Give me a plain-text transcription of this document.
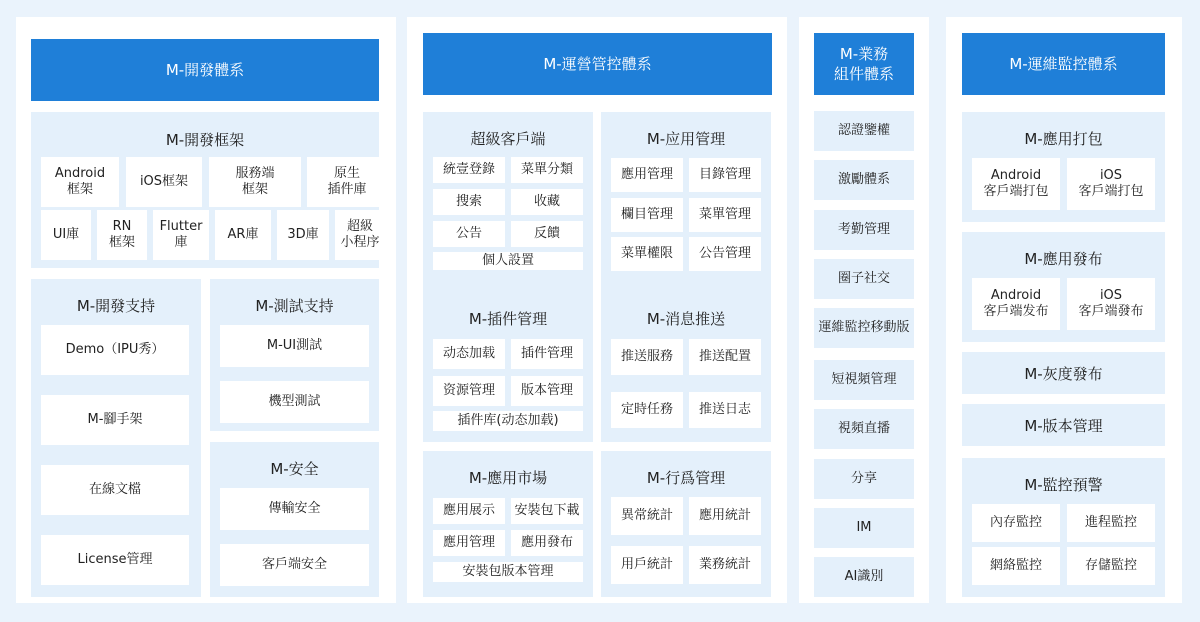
M-開發體系
M-開發框架
Android
框架
iOS框架
服務端
框架
原生
插件庫
UI庫
RN
框架
Flutter
庫
AR庫	3D庫
超級
小程序
M-開發支持
Demo（IPU秀）
M-腳手架
在線文檔
License管理
M-測試支持
M-UI測試
機型測試
M-安全
傳輸安全
客戶端安全
M-運營管控體系
超級客戶端
統壹登錄	菜單分類
搜索	收藏
公告	反饋
個人設置
M-应用管理
應用管理	目錄管理
欄目管理	菜單管理
菜單權限	公告管理
M-插件管理
动态加载	插件管理
资源管理	版本管理
插件库(动态加载)
M-消息推送
推送服務	推送配置
定時任務	推送日志
M-應用市場
應用展示	安裝包下載
應用管理	應用發布
安裝包版本管理
M-行爲管理
異常統計	應用統計
用戶統計	業務統計
M-業務
組件體系
認證鑒權
激勵體系
考勤管理
圈子社交
運維監控移動版
短視頻管理
視頻直播
分享
IM
AI識別
M-運維監控體系
M-應用打包
Android
客戶端打包
iOS
客戶端打包
M-應用發布
Android
客戶端发布
iOS
客戶端發布
M-灰度發布
M-版本管理
M-監控預警
內存監控	進程監控
網絡監控	存儲監控
